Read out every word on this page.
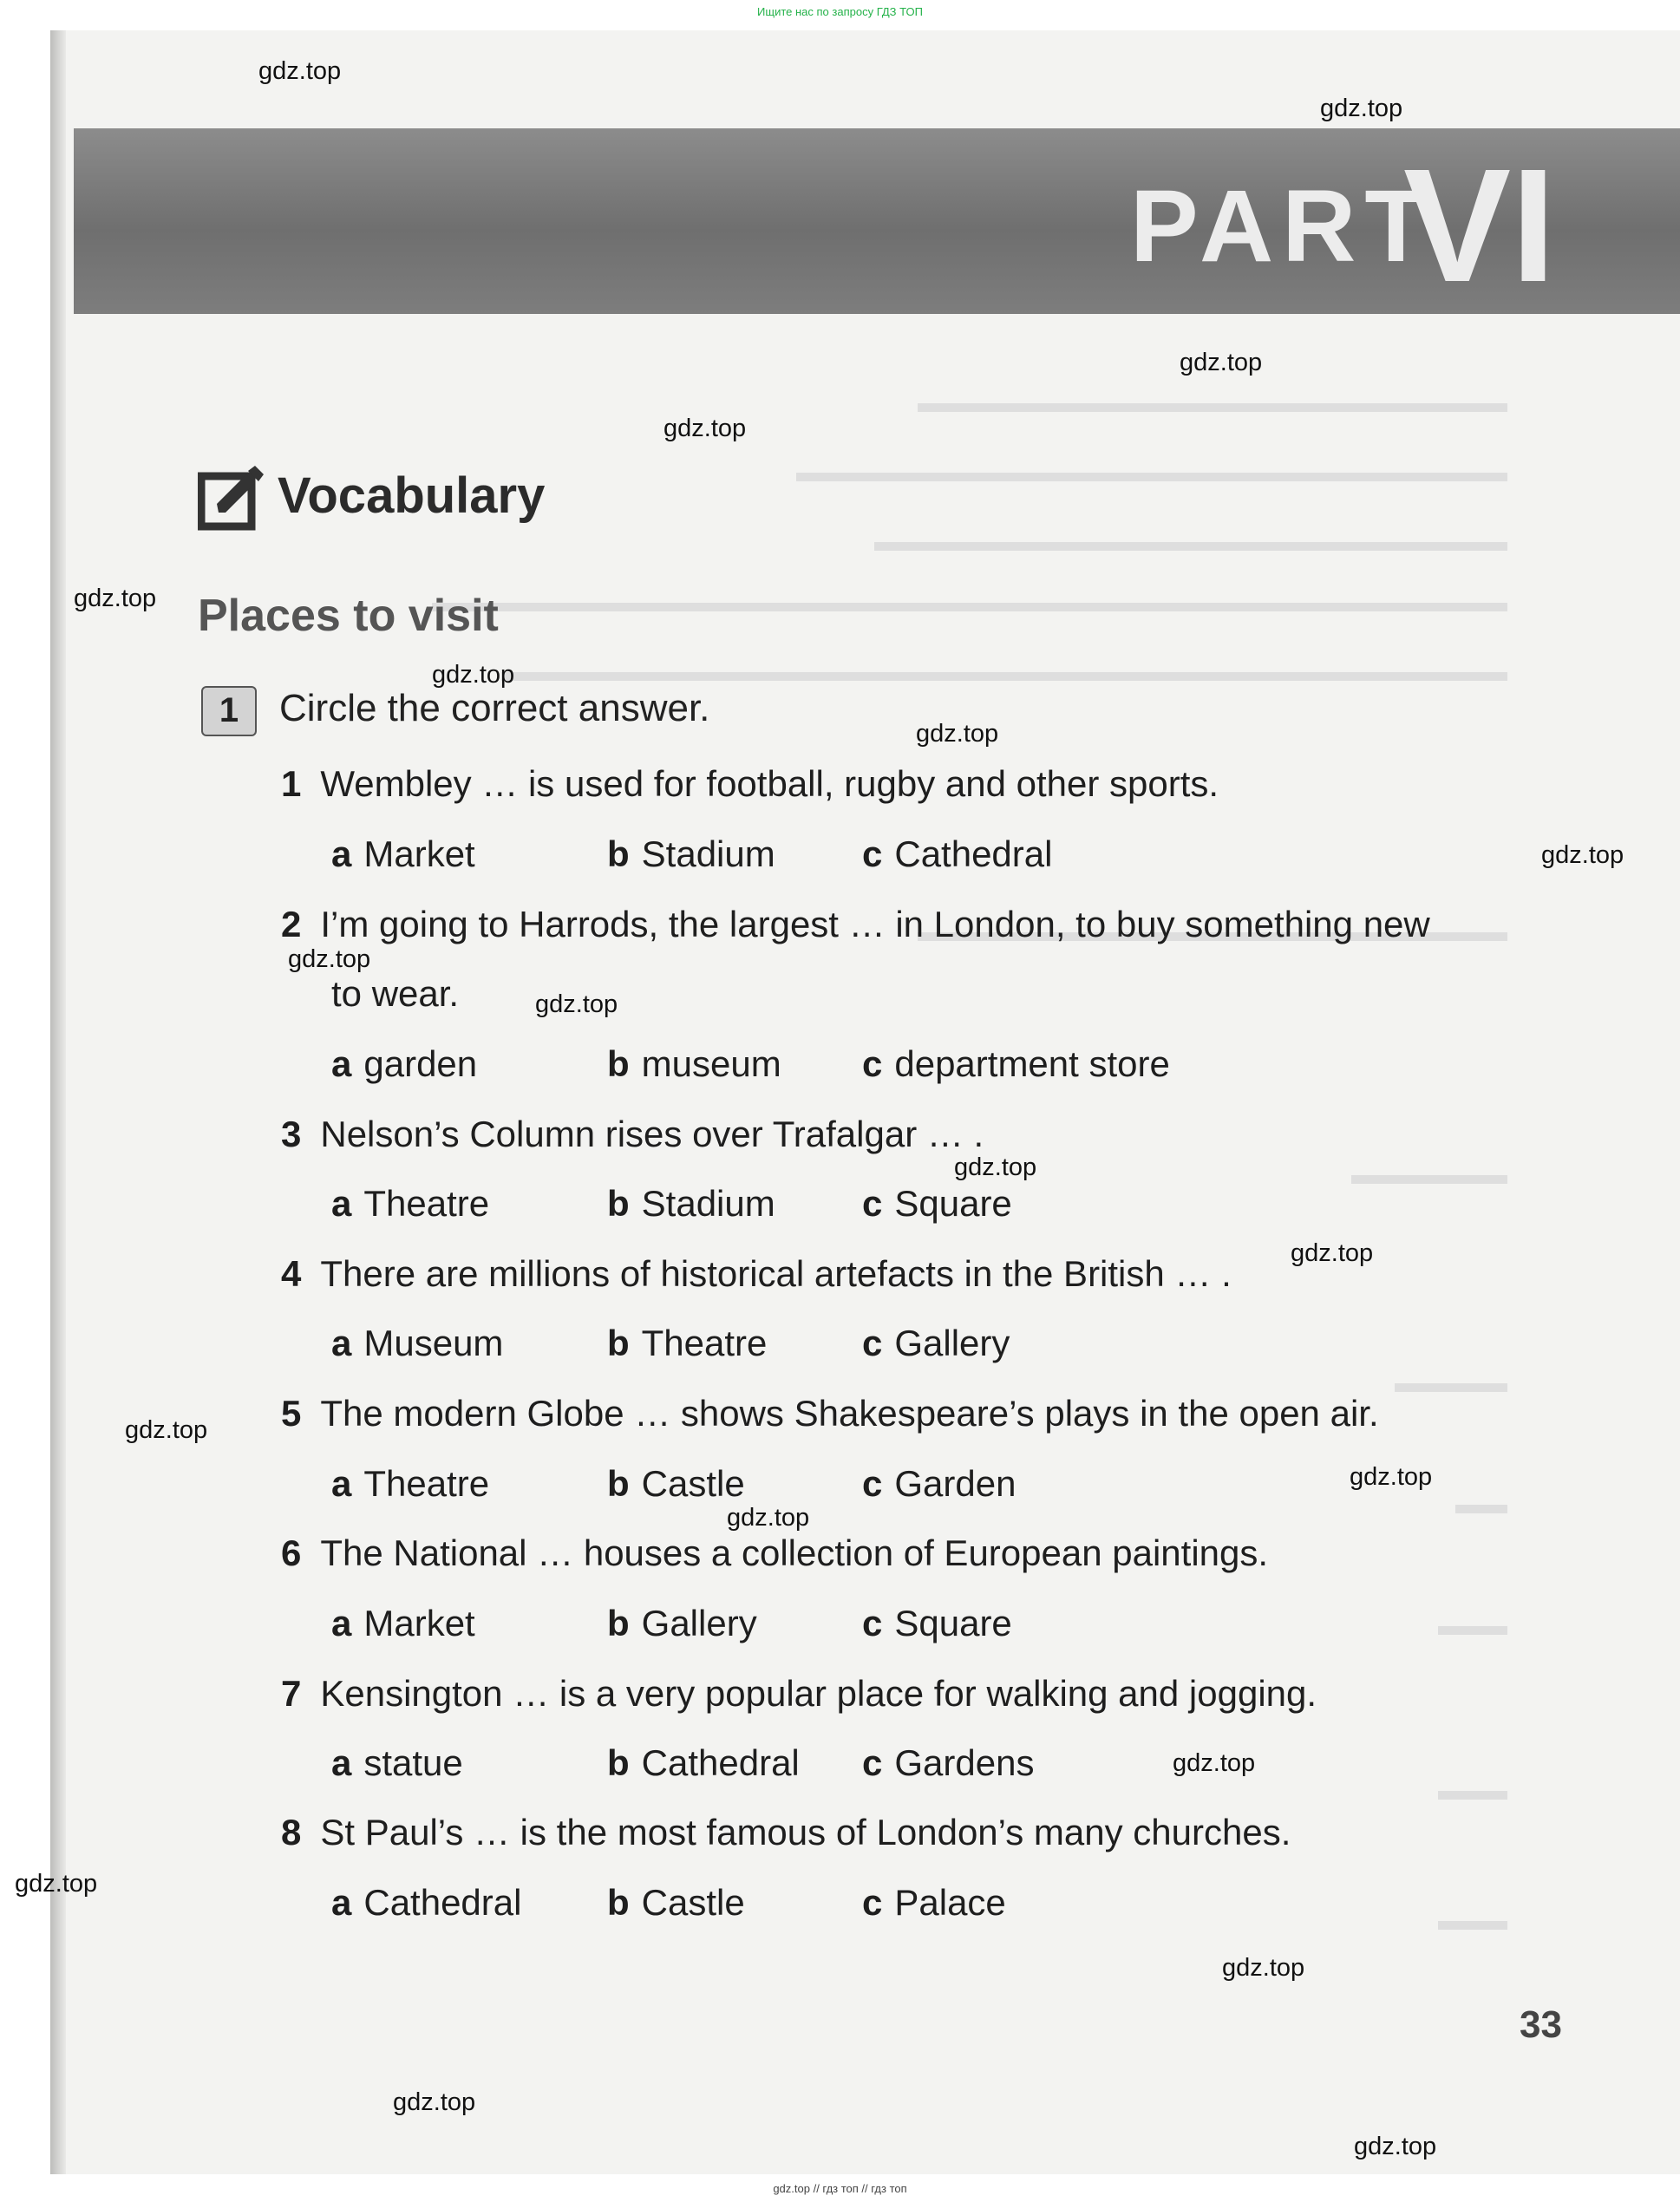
Ищите нас по запросу ГДЗ ТОП
PART
VI
Vocabulary
Places to visit
1	Circle the correct answer.
1 Wembley … is used for football, rugby and other sports.
a Market	b Stadium c Cathedral
2 I’m going to Harrods, the largest … in London, to buy something new
to wear.
a garden	b museum c department store
3 Nelson’s Column rises over Trafalgar … .
a Theatre	b Stadium c Square
4 There are millions of historical artefacts in the British … .
a Museum	b Theatre	c Gallery
5 The modern Globe … shows Shakespeare’s plays in the open air.
a Theatre	b Castle	c Garden
6 The National … houses a collection of European paintings.
a Market	b Gallery	c Square
7 Kensington … is a very popular place for walking and jogging.
a statue	b Cathedral c Gardens
8 St Paul’s … is the most famous of London’s many churches.
a Cathedral b Castle	c Palace
33
gdz.top
gdz.top
gdz.top
gdz.top
gdz.top
gdz.top
gdz.top
gdz.top
gdz.top
gdz.top
gdz.top
gdz.top
gdz.top
gdz.top
gdz.top
gdz.top
gdz.top
gdz.top
gdz.top
gdz.top
gdz.top // гдз топ // гдз топ
